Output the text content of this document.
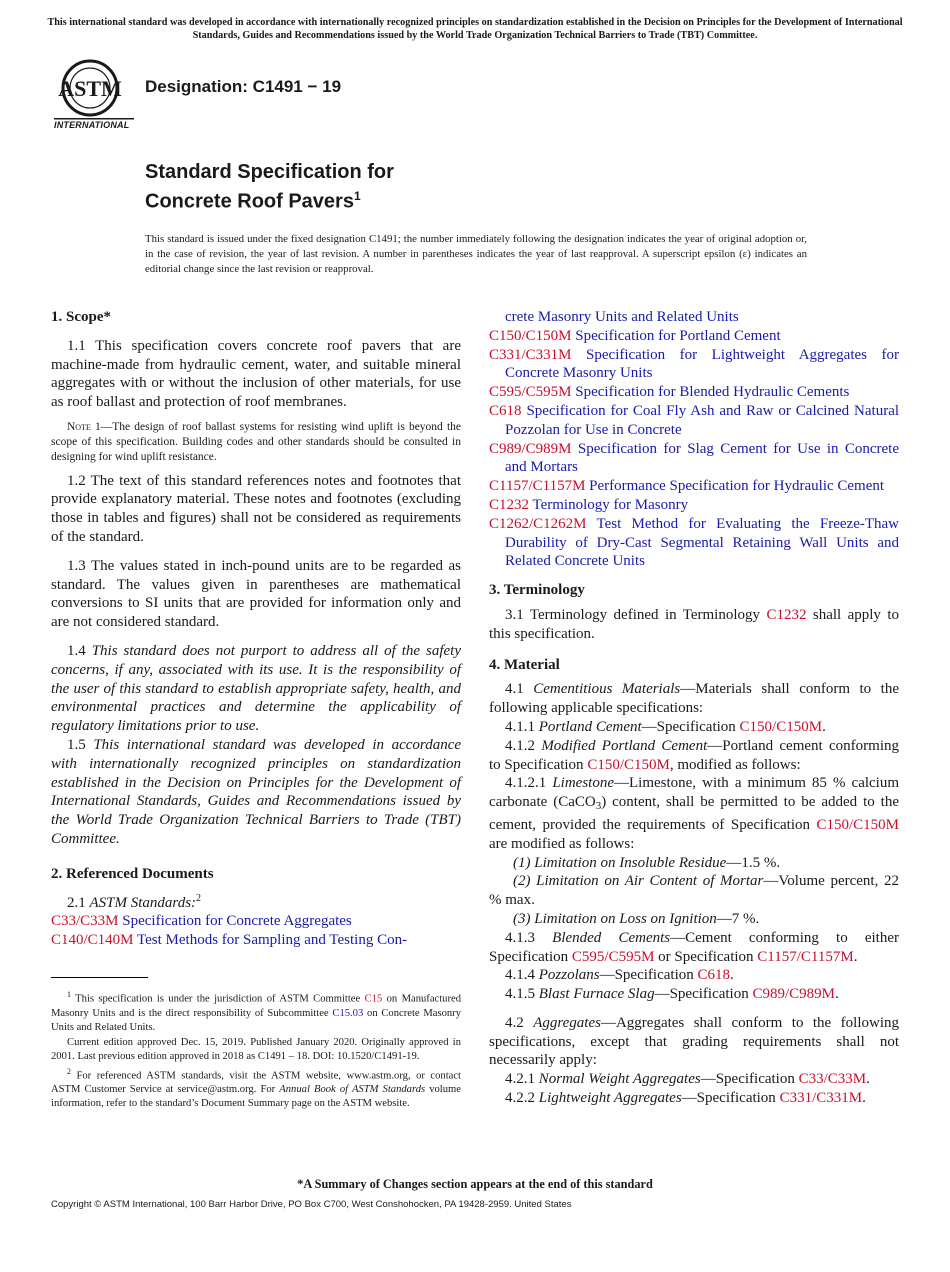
This international standard was developed in accordance with internationally recognized principles on standardization established in the Decision on Principles for the Development of International Standards, Guides and Recommendations issued by the World Trade Organization Technical Barriers to Trade (TBT) Committee.
ASTM
INTERNATIONAL
Designation: C1491 − 19
Standard Specification for
Concrete Roof Pavers$^1$
This standard is issued under the fixed designation C1491; the number immediately following the designation indicates the year of original adoption or, in the case of revision, the year of last revision. A number in parentheses indicates the year of last reapproval. A superscript epsilon (ε) indicates an editorial change since the last revision or reapproval.
1. Scope*

1.1 This specification covers concrete roof pavers that are machine-made from hydraulic cement, water, and suitable mineral aggregates with or without the inclusion of other materials, for use as roof ballast and protection of roof membranes.

Note 1—The design of roof ballast systems for resisting wind uplift is beyond the scope of this specification. Building codes and other standards should be consulted in designing for wind uplift resistance.

1.2 The text of this standard references notes and footnotes that provide explanatory material. These notes and footnotes (excluding those in tables and figures) shall not be considered as requirements of the standard.

1.3 The values stated in inch-pound units are to be regarded as standard. The values given in parentheses are mathematical conversions to SI units that are provided for information only and are not considered standard.

1.4 This standard does not purport to address all of the safety concerns, if any, associated with its use. It is the responsibility of the user of this standard to establish appropriate safety, health, and environmental practices and determine the applicability of regulatory limitations prior to use.

1.5 This international standard was developed in accordance with internationally recognized principles on standardization established in the Decision on Principles for the Development of International Standards, Guides and Recommendations issued by the World Trade Organization Technical Barriers to Trade (TBT) Committee.

2. Referenced Documents

2.1 ASTM Standards:$^2$

C33/C33M Specification for Concrete Aggregates

C140/C140M Test Methods for Sampling and Testing Con-

$^1$ This specification is under the jurisdiction of ASTM Committee C15 on Manufactured Masonry Units and is the direct responsibility of Subcommittee C15.03 on Concrete Masonry Units and Related Units.

Current edition approved Dec. 15, 2019. Published January 2020. Originally approved in 2001. Last previous edition approved in 2018 as C1491 – 18. DOI: 10.1520/C1491-19.

$^2$ For referenced ASTM standards, visit the ASTM website, www.astm.org, or contact ASTM Customer Service at service@astm.org. For Annual Book of ASTM Standards volume information, refer to the standard’s Document Summary page on the ASTM website.

crete Masonry Units and Related Units

C150/C150M Specification for Portland Cement

C331/C331M Specification for Lightweight Aggregates for Concrete Masonry Units

C595/C595M Specification for Blended Hydraulic Cements

C618 Specification for Coal Fly Ash and Raw or Calcined Natural Pozzolan for Use in Concrete

C989/C989M Specification for Slag Cement for Use in Concrete and Mortars

C1157/C1157M Performance Specification for Hydraulic Cement

C1232 Terminology for Masonry

C1262/C1262M Test Method for Evaluating the Freeze-Thaw Durability of Dry-Cast Segmental Retaining Wall Units and Related Concrete Units

3. Terminology

3.1 Terminology defined in Terminology C1232 shall apply to this specification.

4. Material

4.1 Cementitious Materials—Materials shall conform to the following applicable specifications:

4.1.1 Portland Cement—Specification C150/C150M.

4.1.2 Modified Portland Cement—Portland cement conforming to Specification C150/C150M, modified as follows:

4.1.2.1 Limestone—Limestone, with a minimum 85 % calcium carbonate (CaCO$_3$) content, shall be permitted to be added to the cement, provided the requirements of Specification C150/C150M are modified as follows:

(1) Limitation on Insoluble Residue—1.5 %.

(2) Limitation on Air Content of Mortar—Volume percent, 22 % max.

(3) Limitation on Loss on Ignition—7 %.

4.1.3 Blended Cements—Cement conforming to either Specification C595/C595M or Specification C1157/C1157M.

4.1.4 Pozzolans—Specification C618.

4.1.5 Blast Furnace Slag—Specification C989/C989M.

4.2 Aggregates—Aggregates shall conform to the following specifications, except that grading requirements shall not necessarily apply:

4.2.1 Normal Weight Aggregates—Specification C33/C33M.

4.2.2 Lightweight Aggregates—Specification C331/C331M.

*A Summary of Changes section appears at the end of this standard
Copyright © ASTM International, 100 Barr Harbor Drive, PO Box C700, West Conshohocken, PA 19428-2959. United States
